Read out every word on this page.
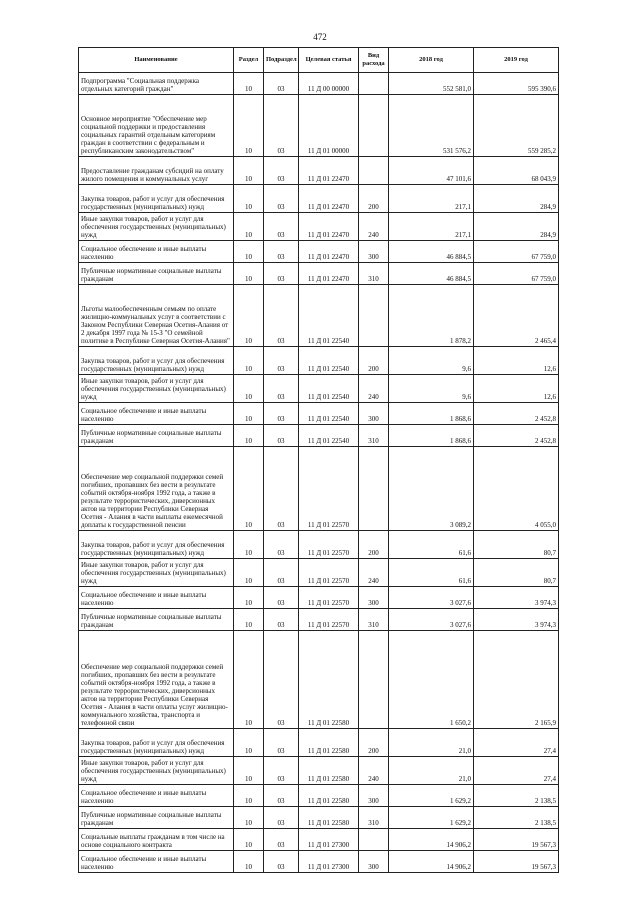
472
Наименование	Раздел	Подраздел	Целевая статья	Вид расхода	2018 год	2019 год
Подпрограмма "Социальная поддержка отдельных категорий граждан"	10	03	11 Д 00 00000		552 581,0	595 390,6
Основное мероприятие "Обеспечение мер социальной поддержки и предоставления социальных гарантий отдельным категориям граждан в соответствии с федеральным и республиканским законодательством"	10	03	11 Д 01 00000		531 576,2	559 285,2
Предоставление гражданам субсидий на оплату жилого помещения и коммунальных услуг	10	03	11 Д 01 22470		47 101,6	68 043,9
Закупка товаров, работ и услуг для обеспечения государственных (муниципальных) нужд	10	03	11 Д 01 22470	200	217,1	284,9
Иные закупки товаров, работ и услуг для обеспечения государственных (муниципальных) нужд	10	03	11 Д 01 22470	240	217,1	284,9
Социальное обеспечение и иные выплаты населению	10	03	11 Д 01 22470	300	46 884,5	67 759,0
Публичные нормативные социальные выплаты гражданам	10	03	11 Д 01 22470	310	46 884,5	67 759,0
Льготы малообеспеченным семьям по оплате жилищно-коммунальных услуг в соответствии с Законом Республики Северная Осетия-Алания от 2 декабря 1997 года № 15-З "О семейной политике в Республике Северная Осетия-Алания"	10	03	11 Д 01 22540		1 878,2	2 465,4
Закупка товаров, работ и услуг для обеспечения государственных (муниципальных) нужд	10	03	11 Д 01 22540	200	9,6	12,6
Иные закупки товаров, работ и услуг для обеспечения государственных (муниципальных) нужд	10	03	11 Д 01 22540	240	9,6	12,6
Социальное обеспечение и иные выплаты населению	10	03	11 Д 01 22540	300	1 868,6	2 452,8
Публичные нормативные социальные выплаты гражданам	10	03	11 Д 01 22540	310	1 868,6	2 452,8
Обеспечение мер социальной поддержки семей погибших, пропавших без вести в результате событий октября-ноября 1992 года, а также в результате террористических, диверсионных актов на территории Республики Северная Осетия - Алания в части выплаты ежемесячной доплаты к государственной пенсии	10	03	11 Д 01 22570		3 089,2	4 055,0
Закупка товаров, работ и услуг для обеспечения государственных (муниципальных) нужд	10	03	11 Д 01 22570	200	61,6	80,7
Иные закупки товаров, работ и услуг для обеспечения государственных (муниципальных) нужд	10	03	11 Д 01 22570	240	61,6	80,7
Социальное обеспечение и иные выплаты населению	10	03	11 Д 01 22570	300	3 027,6	3 974,3
Публичные нормативные социальные выплаты гражданам	10	03	11 Д 01 22570	310	3 027,6	3 974,3
Обеспечение мер социальной поддержки семей погибших, пропавших без вести в результате событий октября-ноября 1992 года, а также в результате террористических, диверсионных актов на территории Республики Северная Осетия - Алания в части оплаты услуг жилищно-коммунального хозяйства, транспорта и телефонной связи	10	03	11 Д 01 22580		1 650,2	2 165,9
Закупка товаров, работ и услуг для обеспечения государственных (муниципальных) нужд	10	03	11 Д 01 22580	200	21,0	27,4
Иные закупки товаров, работ и услуг для обеспечения государственных (муниципальных) нужд	10	03	11 Д 01 22580	240	21,0	27,4
Социальное обеспечение и иные выплаты населению	10	03	11 Д 01 22580	300	1 629,2	2 138,5
Публичные нормативные социальные выплаты гражданам	10	03	11 Д 01 22580	310	1 629,2	2 138,5
Социальные выплаты гражданам в том числе на основе социального контракта	10	03	11 Д 01 27300		14 906,2	19 567,3
Социальное обеспечение и иные выплаты населению	10	03	11 Д 01 27300	300	14 906,2	19 567,3
